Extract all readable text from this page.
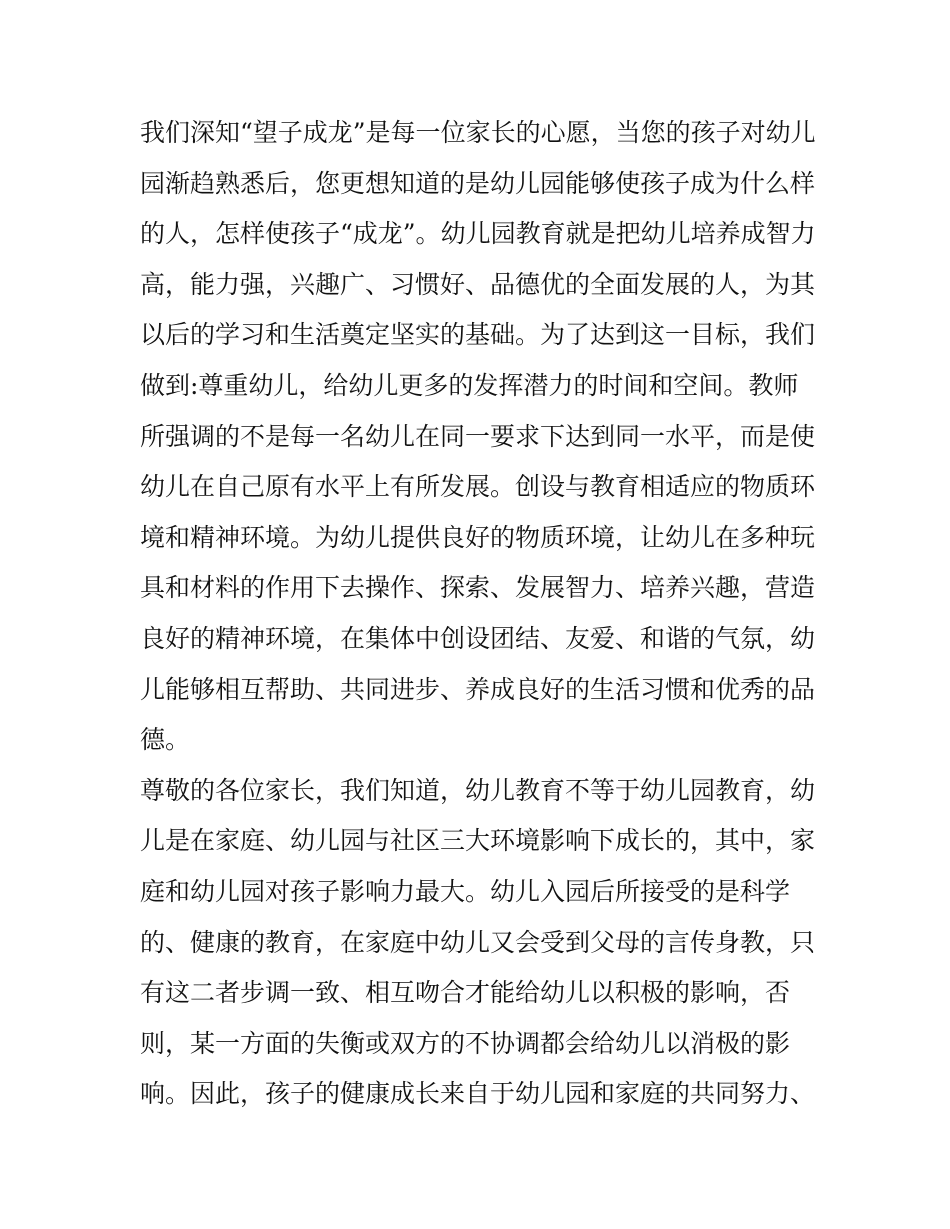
我们深知“望子成龙”是每一位家长的心愿，当您的孩子对幼儿
园渐趋熟悉后，您更想知道的是幼儿园能够使孩子成为什么样
的人，怎样使孩子“成龙”。幼儿园教育就是把幼儿培养成智力
高，能力强，兴趣广、习惯好、品德优的全面发展的人，为其
以后的学习和生活奠定坚实的基础。为了达到这一目标，我们
做到:尊重幼儿，给幼儿更多的发挥潜力的时间和空间。教师
所强调的不是每一名幼儿在同一要求下达到同一水平，而是使
幼儿在自己原有水平上有所发展。创设与教育相适应的物质环
境和精神环境。为幼儿提供良好的物质环境，让幼儿在多种玩
具和材料的作用下去操作、探索、发展智力、培养兴趣，营造
良好的精神环境，在集体中创设团结、友爱、和谐的气氛，幼
儿能够相互帮助、共同进步、养成良好的生活习惯和优秀的品
德。
尊敬的各位家长，我们知道，幼儿教育不等于幼儿园教育，幼
儿是在家庭、幼儿园与社区三大环境影响下成长的，其中，家
庭和幼儿园对孩子影响力最大。幼儿入园后所接受的是科学
的、健康的教育，在家庭中幼儿又会受到父母的言传身教，只
有这二者步调一致、相互吻合才能给幼儿以积极的影响，否
则，某一方面的失衡或双方的不协调都会给幼儿以消极的影
响。因此，孩子的健康成长来自于幼儿园和家庭的共同努力、
